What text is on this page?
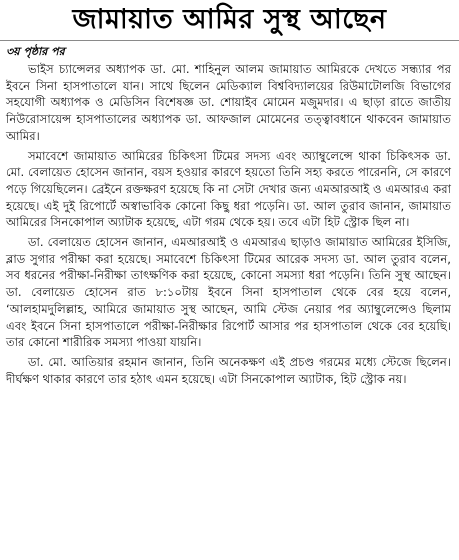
জামায়াত আমির সুস্থ আছেন
৩য় পৃষ্ঠার পর

ভাইস চ্যান্সেলর অধ্যাপক ডা. মো. শাহিনুল আলম জামায়াত আমিরকে দেখতে সন্ধ্যার পর ইবনে সিনা হাসপাতালে যান। সাথে ছিলেন মেডিক্যাল বিশ্ববিদ্যালয়ের রিউমাটোলজি বিভাগের সহযোগী অধ্যাপক ও মেডিসিন বিশেষজ্ঞ ডা. শোয়াইব মোমেন মজুমদার। এ ছাড়া রাতে জাতীয় নিউরোসায়েন্স হাসপাতালের অধ্যাপক ডা. আফজাল মোমেনের তত্ত্বাবধানে থাকবেন জামায়াত আমির।

সমাবেশে জামায়াত আমিরের চিকিৎসা টিমের সদস্য এবং অ্যাম্বুলেন্সে থাকা চিকিৎসক ডা. মো. বেলায়েত হোসেন জানান, বয়স হওয়ার কারণে হয়তো তিনি সহ্য করতে পারেননি, সে কারণে পড়ে গিয়েছিলেন। ব্রেইনে রক্তক্ষরণ হয়েছে কি না সেটা দেখার জন্য এমআরআই ও এমআরএ করা হয়েছে। এই দুই রিপোর্টে অস্বাভাবিক কোনো কিছু ধরা পড়েনি। ডা. আল তুরাব জানান, জামায়াত আমিরের সিনকোপাল অ্যাটাক হয়েছে, এটা গরম থেকে হয়। তবে এটা হিট স্ট্রোক ছিল না।

ডা. বেলায়েত হোসেন জানান, এমআরআই ও এমআরএ ছাড়াও জামায়াত আমিরের ইসিজি, ব্লাড সুগার পরীক্ষা করা হয়েছে। সমাবেশে চিকিৎসা টিমের আরেক সদস্য ডা. আল তুরাব বলেন, সব ধরনের পরীক্ষা-নিরীক্ষা তাৎক্ষণিক করা হয়েছে, কোনো সমস্যা ধরা পড়েনি। তিনি সুস্থ আছেন। ডা. বেলায়েত হোসেন রাত ৮:১০টায় ইবনে সিনা হাসপাতাল থেকে বের হয়ে বলেন, ‘আলহামদুলিল্লাহ, আমিরে জামায়াত সুস্থ আছেন, আমি স্টেজ নেয়ার পর অ্যাম্বুলেন্সেও ছিলাম এবং ইবনে সিনা হাসপাতালে পরীক্ষা-নিরীক্ষার রিপোর্ট আসার পর হাসপাতাল থেকে বের হয়েছি। তার কোনো শারীরিক সমস্যা পাওয়া যায়নি।

ডা. মো. আতিয়ার রহমান জানান, তিনি অনেকক্ষণ এই প্রচণ্ড গরমের মধ্যে স্টেজে ছিলেন। দীর্ঘক্ষণ থাকার কারণে তার হঠাৎ এমন হয়েছে। এটা সিনকোপাল অ্যাটাক, হিট স্ট্রোক নয়।
